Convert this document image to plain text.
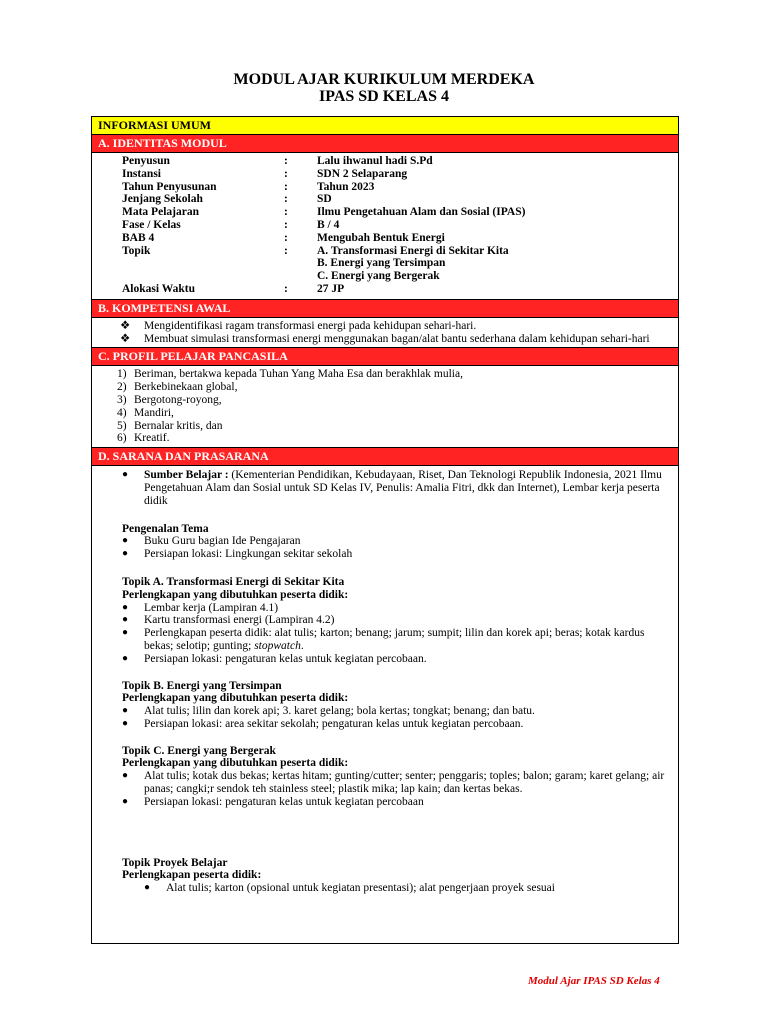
MODUL AJAR KURIKULUM MERDEKA
IPAS SD KELAS 4
INFORMASI UMUM
A. IDENTITAS MODUL
Penyusun	:	Lalu ihwanul hadi S.Pd
Instansi	:	SDN 2 Selaparang
Tahun Penyusunan	:	Tahun 2023
Jenjang Sekolah	:	SD
Mata Pelajaran	:	Ilmu Pengetahuan Alam dan Sosial (IPAS)
Fase / Kelas	:	B / 4
BAB 4	:	Mengubah Bentuk Energi
Topik	:	A. Transformasi Energi di Sekitar Kita
B. Energi yang Tersimpan
C. Energi yang Bergerak
Alokasi Waktu	:	27 JP
B. KOMPETENSI AWAL
❖	Mengidentifikasi ragam transformasi energi pada kehidupan sehari-hari.
❖	Membuat simulasi transformasi energi menggunakan bagan/alat bantu sederhana dalam kehidupan sehari-hari
C. PROFIL PELAJAR PANCASILA
1) Beriman, bertakwa kepada Tuhan Yang Maha Esa dan berakhlak mulia,
2) Berkebinekaan global,
3) Bergotong-royong,
4) Mandiri,
5) Bernalar kritis, dan
6) Kreatif.
D. SARANA DAN PRASARANA
●	Sumber Belajar : (Kementerian Pendidikan, Kebudayaan, Riset, Dan Teknologi Republik Indonesia, 2021 Ilmu Pengetahuan Alam dan Sosial untuk SD Kelas IV, Penulis: Amalia Fitri, dkk dan Internet), Lembar kerja peserta didik
Pengenalan Tema
●	Buku Guru bagian Ide Pengajaran
●	Persiapan lokasi: Lingkungan sekitar sekolah
Topik A. Transformasi Energi di Sekitar Kita
Perlengkapan yang dibutuhkan peserta didik:
●	Lembar kerja (Lampiran 4.1)
●	Kartu transformasi energi (Lampiran 4.2)
●	Perlengkapan peserta didik: alat tulis; karton; benang; jarum; sumpit; lilin dan korek api; beras; kotak kardus bekas; selotip; gunting; stopwatch.
●	Persiapan lokasi: pengaturan kelas untuk kegiatan percobaan.
Topik B. Energi yang Tersimpan
Perlengkapan yang dibutuhkan peserta didik:
●	Alat tulis; lilin dan korek api; 3. karet gelang; bola kertas; tongkat; benang; dan batu.
●	Persiapan lokasi: area sekitar sekolah; pengaturan kelas untuk kegiatan percobaan.
Topik C. Energi yang Bergerak
Perlengkapan yang dibutuhkan peserta didik:
●	Alat tulis; kotak dus bekas; kertas hitam; gunting/cutter; senter; penggaris; toples; balon; garam; karet gelang; air panas; cangki;r sendok teh stainless steel; plastik mika; lap kain; dan kertas bekas.
●	Persiapan lokasi: pengaturan kelas untuk kegiatan percobaan
Topik Proyek Belajar
Perlengkapan peserta didik:
●	Alat tulis; karton (opsional untuk kegiatan presentasi); alat pengerjaan proyek sesuai
Modul Ajar IPAS SD Kelas 4
